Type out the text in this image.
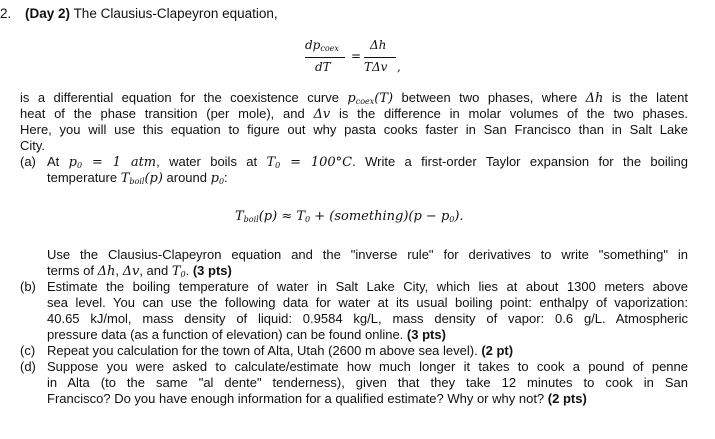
2. (Day 2) The Clausius-Clapeyron equation,
$dp_{coex}$
dT
=
Δh
TΔv ,
is a differential equation for the coexistence curve $p_{coex}(T)$ between two phases, where Δh is the latent
heat of the phase transition (per mole), and Δv is the difference in molar volumes of the two phases.
Here, you will use this equation to figure out why pasta cooks faster in San Francisco than in Salt Lake
City.
(a) At $p_0 = 1$ atm, water boils at $T_0 = 100^\circ C$. Write a first-order Taylor expansion for the boiling
temperature $T_{boil}(p)$ around $p_0$:
$T_{boil}(p) \approx T_0$ + (something)(p − $p_0$).
Use the Clausius-Clapeyron equation and the "inverse rule" for derivatives to write "something" in
terms of Δh, Δv, and $T_0$. (3 pts)
(b) Estimate the boiling temperature of water in Salt Lake City, which lies at about 1300 meters above
sea level. You can use the following data for water at its usual boiling point: enthalpy of vaporization:
40.65 kJ/mol, mass density of liquid: 0.9584 kg/L, mass density of vapor: 0.6 g/L. Atmospheric
pressure data (as a function of elevation) can be found online. (3 pts)
(c) Repeat you calculation for the town of Alta, Utah (2600 m above sea level). (2 pt)
(d) Suppose you were asked to calculate/estimate how much longer it takes to cook a pound of penne
in Alta (to the same "al dente" tenderness), given that they take 12 minutes to cook in San
Francisco? Do you have enough information for a qualified estimate? Why or why not? (2 pts)
